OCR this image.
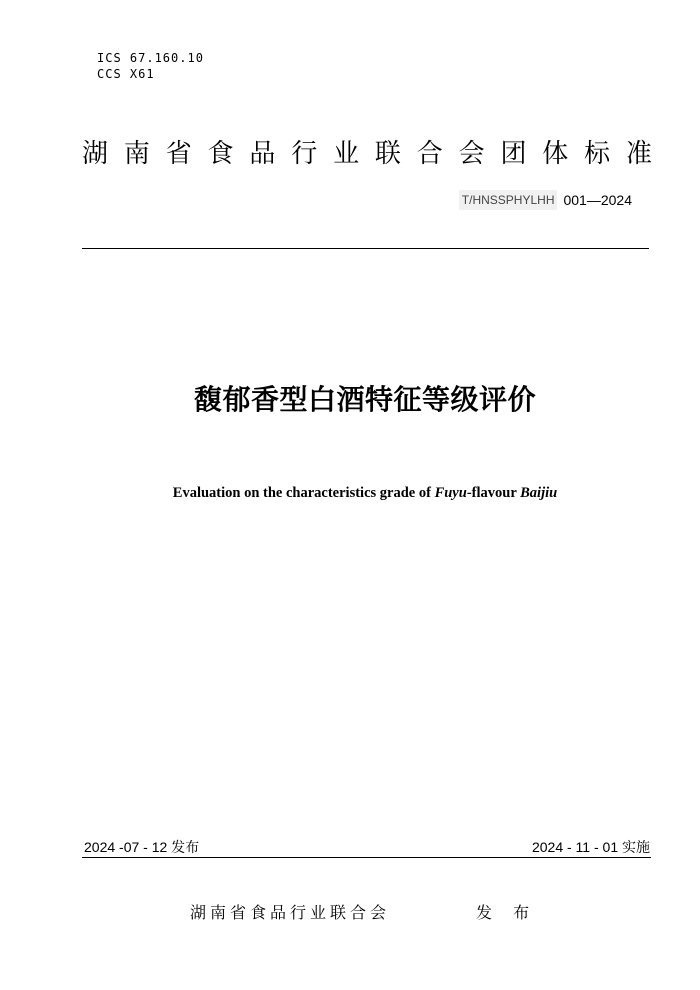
ICS 67.160.10
CCS X61
湖 南 省 食 品 行 业 联 合 会 团 体 标 准
T/HNSSPHYLHH 001—2024
馥郁香型白酒特征等级评价
Evaluation on the characteristics grade of Fuyu-flavour Baijiu
2024 -07 - 12 发布	2024 - 11 - 01 实施
湖南省食品行业联合会	发 布
